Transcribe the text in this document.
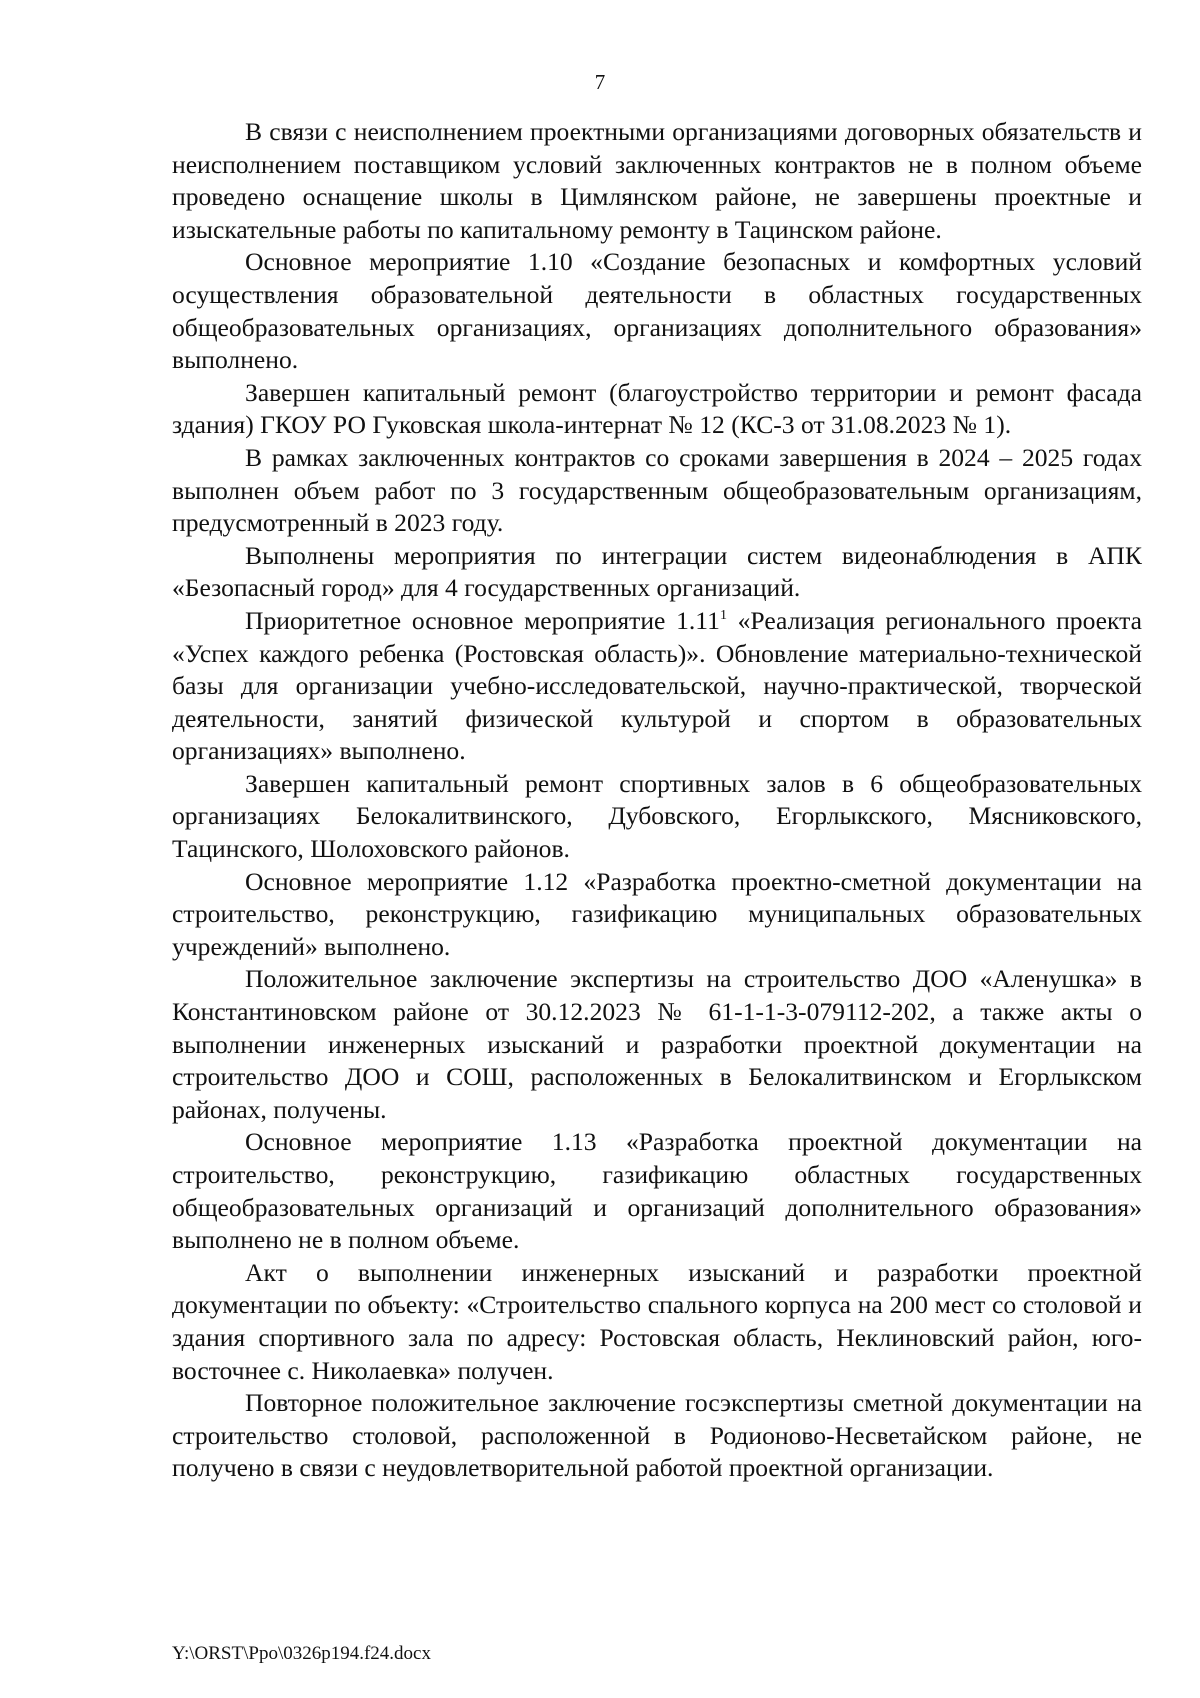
7

В связи с неисполнением проектными организациями договорных обязательств и неисполнением поставщиком условий заключенных контрактов не в полном объеме проведено оснащение школы в Цимлянском районе, не завершены проектные и изыскательные работы по капитальному ремонту в Тацинском районе.

Основное мероприятие 1.10 «Создание безопасных и комфортных условий осуществления образовательной деятельности в областных государственных общеобразовательных организациях, организациях дополнительного образования» выполнено.

Завершен капитальный ремонт (благоустройство территории и ремонт фасада здания) ГКОУ РО Гуковская школа-интернат № 12 (КС-3 от 31.08.2023 № 1).

В рамках заключенных контрактов со сроками завершения в 2024 – 2025 годах выполнен объем работ по 3 государственным общеобразовательным организациям, предусмотренный в 2023 году.

Выполнены мероприятия по интеграции систем видеонаблюдения в АПК «Безопасный город» для 4 государственных организаций.

Приоритетное основное мероприятие 1.11$^1$ «Реализация регионального проекта «Успех каждого ребенка (Ростовская область)». Обновление материально-технической базы для организации учебно-исследовательской, научно-практической, творческой деятельности, занятий физической культурой и спортом в образовательных организациях» выполнено.

Завершен капитальный ремонт спортивных залов в 6 общеобразовательных организациях Белокалитвинского, Дубовского, Егорлыкского, Мясниковского, Тацинского, Шолоховского районов.

Основное мероприятие 1.12 «Разработка проектно-сметной документации на строительство, реконструкцию, газификацию муниципальных образовательных учреждений» выполнено.

Положительное заключение экспертизы на строительство ДОО «Аленушка» в Константиновском районе от 30.12.2023 № 61-1-1-3-079112-202, а также акты о выполнении инженерных изысканий и разработки проектной документации на строительство ДОО и СОШ, расположенных в Белокалитвинском и Егорлыкском районах, получены.

Основное мероприятие 1.13 «Разработка проектной документации на строительство, реконструкцию, газификацию областных государственных общеобразовательных организаций и организаций дополнительного образования» выполнено не в полном объеме.

Акт о выполнении инженерных изысканий и разработки проектной документации по объекту: «Строительство спального корпуса на 200 мест со столовой и здания спортивного зала по адресу: Ростовская область, Неклиновский район, юго-восточнее с. Николаевка» получен.

Повторное положительное заключение госэкспертизы сметной документации на строительство столовой, расположенной в Родионово-Несветайском районе, не получено в связи с неудовлетворительной работой проектной организации.

Y:\ORST\Ppo\0326p194.f24.docx
